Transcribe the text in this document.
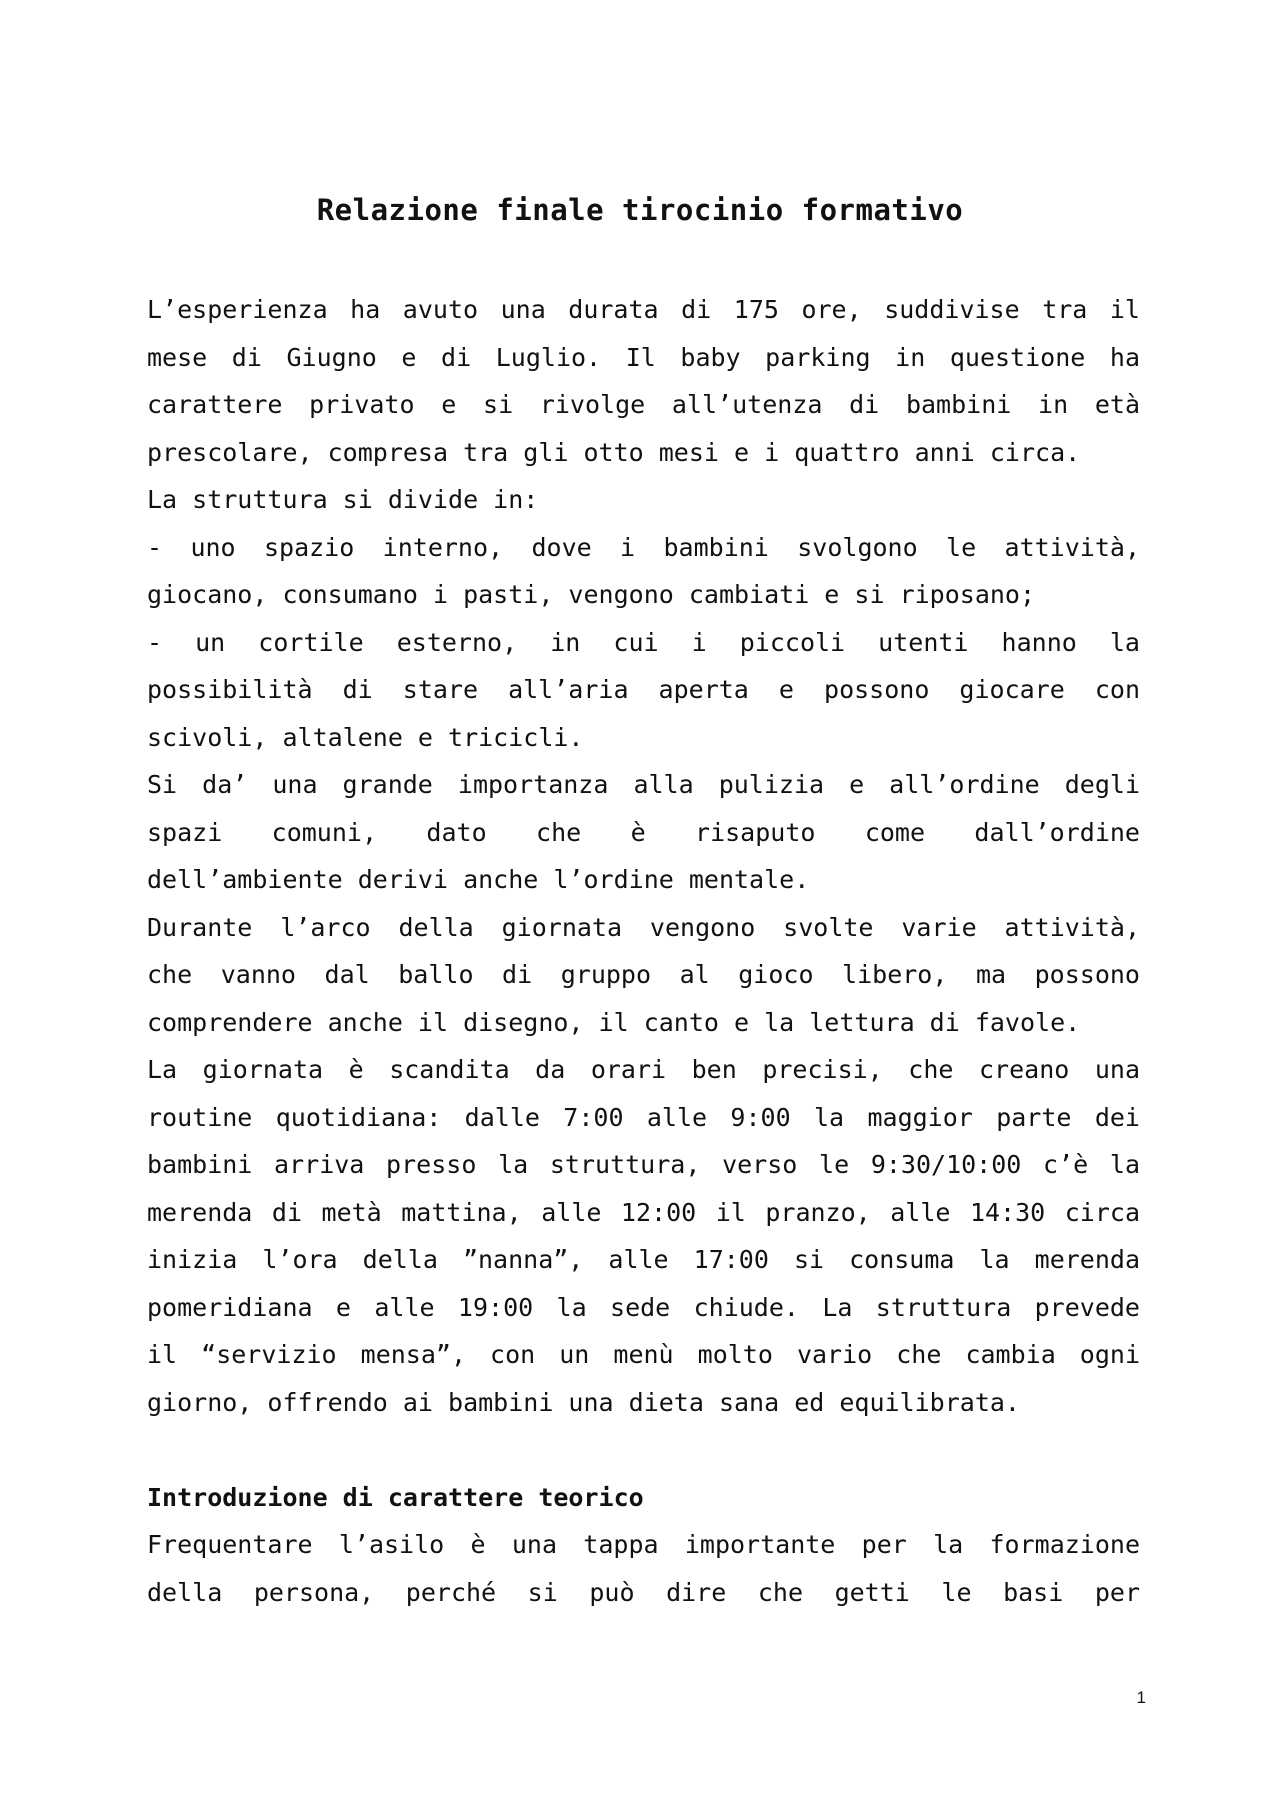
Relazione finale tirocinio formativo
L’esperienza ha avuto una durata di 175 ore, suddivise tra il
mese di Giugno e di Luglio. Il baby parking in questione ha
carattere privato e si rivolge all’utenza di bambini in età
prescolare, compresa tra gli otto mesi e i quattro anni circa.
La struttura si divide in:
- uno spazio interno, dove i bambini svolgono le attività,
giocano, consumano i pasti, vengono cambiati e si riposano;
- un cortile esterno, in cui i piccoli utenti hanno la
possibilità di stare all’aria aperta e possono giocare con
scivoli, altalene e tricicli.
Si da’ una grande importanza alla pulizia e all’ordine degli
spazi comuni, dato che è risaputo come dall’ordine
dell’ambiente derivi anche l’ordine mentale.
Durante l’arco della giornata vengono svolte varie attività,
che vanno dal ballo di gruppo al gioco libero, ma possono
comprendere anche il disegno, il canto e la lettura di favole.
La giornata è scandita da orari ben precisi, che creano una
routine quotidiana: dalle 7:00 alle 9:00 la maggior parte dei
bambini arriva presso la struttura, verso le 9:30/10:00 c’è la
merenda di metà mattina, alle 12:00 il pranzo, alle 14:30 circa
inizia l’ora della ”nanna”, alle 17:00 si consuma la merenda
pomeridiana e alle 19:00 la sede chiude. La struttura prevede
il “servizio mensa”, con un menù molto vario che cambia ogni
giorno, offrendo ai bambini una dieta sana ed equilibrata.
Introduzione di carattere teorico
Frequentare l’asilo è una tappa importante per la formazione
della persona, perché si può dire che getti le basi per
1
